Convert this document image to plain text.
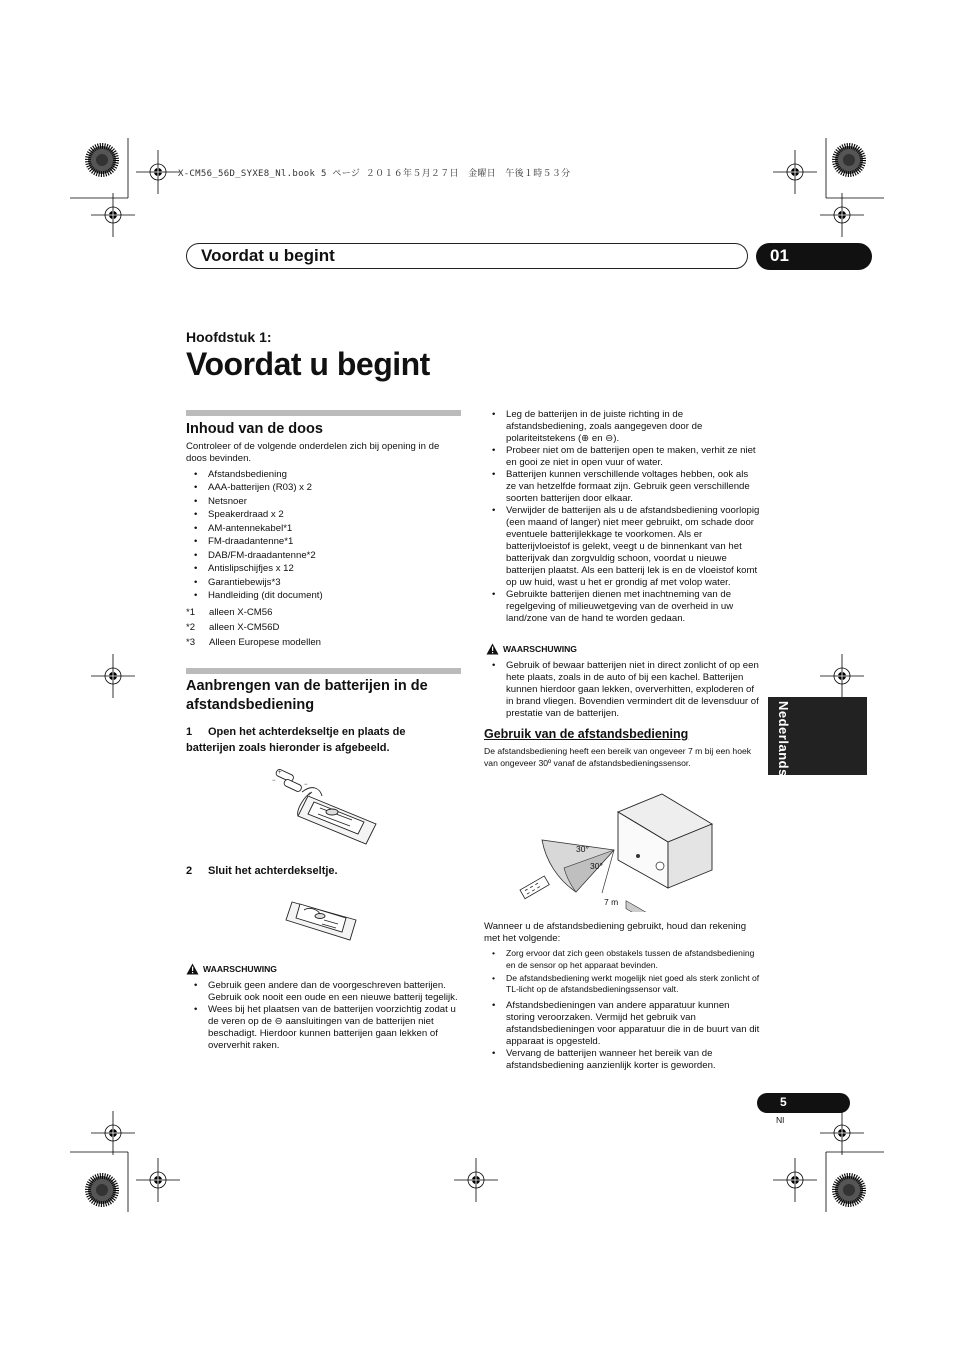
X-CM56_56D_SYXE8_Nl.book 5 ページ ２０１６年５月２７日　金曜日　午後１時５３分
Voordat u begint	01
Hoofdstuk 1:
Voordat u begint
Inhoud van de doos
Controleer of de volgende onderdelen zich bij opening in de doos bevinden.
• Afstandsbediening
• AAA-batterijen (R03) x 2
• Netsnoer
• Speakerdraad x 2
• AM-antennekabel*1
• FM-draadantenne*1
• DAB/FM-draadantenne*2
• Antislipschijfjes x 12
• Garantiebewijs*3
• Handleiding (dit document)
*1 alleen X-CM56
*2 alleen X-CM56D
*3 Alleen Europese modellen
Aanbrengen van de batterijen in de
afstandsbediening
1 Open het achterdekseltje en plaats de
batterijen zoals hieronder is afgebeeld.
+
−
−
+
2 Sluit het achterdekseltje.
WAARSCHUWING
• Gebruik geen andere dan de voorgeschreven batterijen. Gebruik ook nooit een oude en een nieuwe batterij tegelijk.
• Wees bij het plaatsen van de batterijen voorzichtig zodat u de veren op de ⊖ aansluitingen van de batterijen niet beschadigt. Hierdoor kunnen batterijen gaan lekken of oververhit raken.
• Leg de batterijen in de juiste richting in de afstandsbediening, zoals aangegeven door de polariteitstekens (⊕ en ⊖).
• Probeer niet om de batterijen open te maken, verhit ze niet en gooi ze niet in open vuur of water.
• Batterijen kunnen verschillende voltages hebben, ook als ze van hetzelfde formaat zijn. Gebruik geen verschillende soorten batterijen door elkaar.
• Verwijder de batterijen als u de afstandsbediening voorlopig (een maand of langer) niet meer gebruikt, om schade door eventuele batterijlekkage te voorkomen. Als er batterijvloeistof is gelekt, veegt u de binnenkant van het batterijvak dan zorgvuldig schoon, voordat u nieuwe batterijen plaatst. Als een batterij lek is en de vloeistof komt op uw huid, wast u het er grondig af met volop water.
• Gebruikte batterijen dienen met inachtneming van de regelgeving of milieuwetgeving van de overheid in uw land/zone van de hand te worden gedaan.
WAARSCHUWING
• Gebruik of bewaar batterijen niet in direct zonlicht of op een hete plaats, zoals in de auto of bij een kachel. Batterijen kunnen hierdoor gaan lekken, oververhitten, exploderen of in brand vliegen. Bovendien vermindert dit de levensduur of prestatie van de batterijen.
Gebruik van de afstandsbediening
De afstandsbediening heeft een bereik van ongeveer 7 m bij een hoek van ongeveer 30º vanaf de afstandsbedieningssensor.
30°
30°
7 m
Wanneer u de afstandsbediening gebruikt, houd dan rekening met het volgende:
• Zorg ervoor dat zich geen obstakels tussen de afstandsbediening en de sensor op het apparaat bevinden.
• De afstandsbediening werkt mogelijk niet goed als sterk zonlicht of TL-licht op de afstandsbedieningssensor valt.
• Afstandsbedieningen van andere apparatuur kunnen storing veroorzaken. Vermijd het gebruik van afstandsbedieningen voor apparatuur die in de buurt van dit apparaat is opgesteld.
• Vervang de batterijen wanneer het bereik van de afstandsbediening aanzienlijk korter is geworden.
Nederlands
5
Nl
